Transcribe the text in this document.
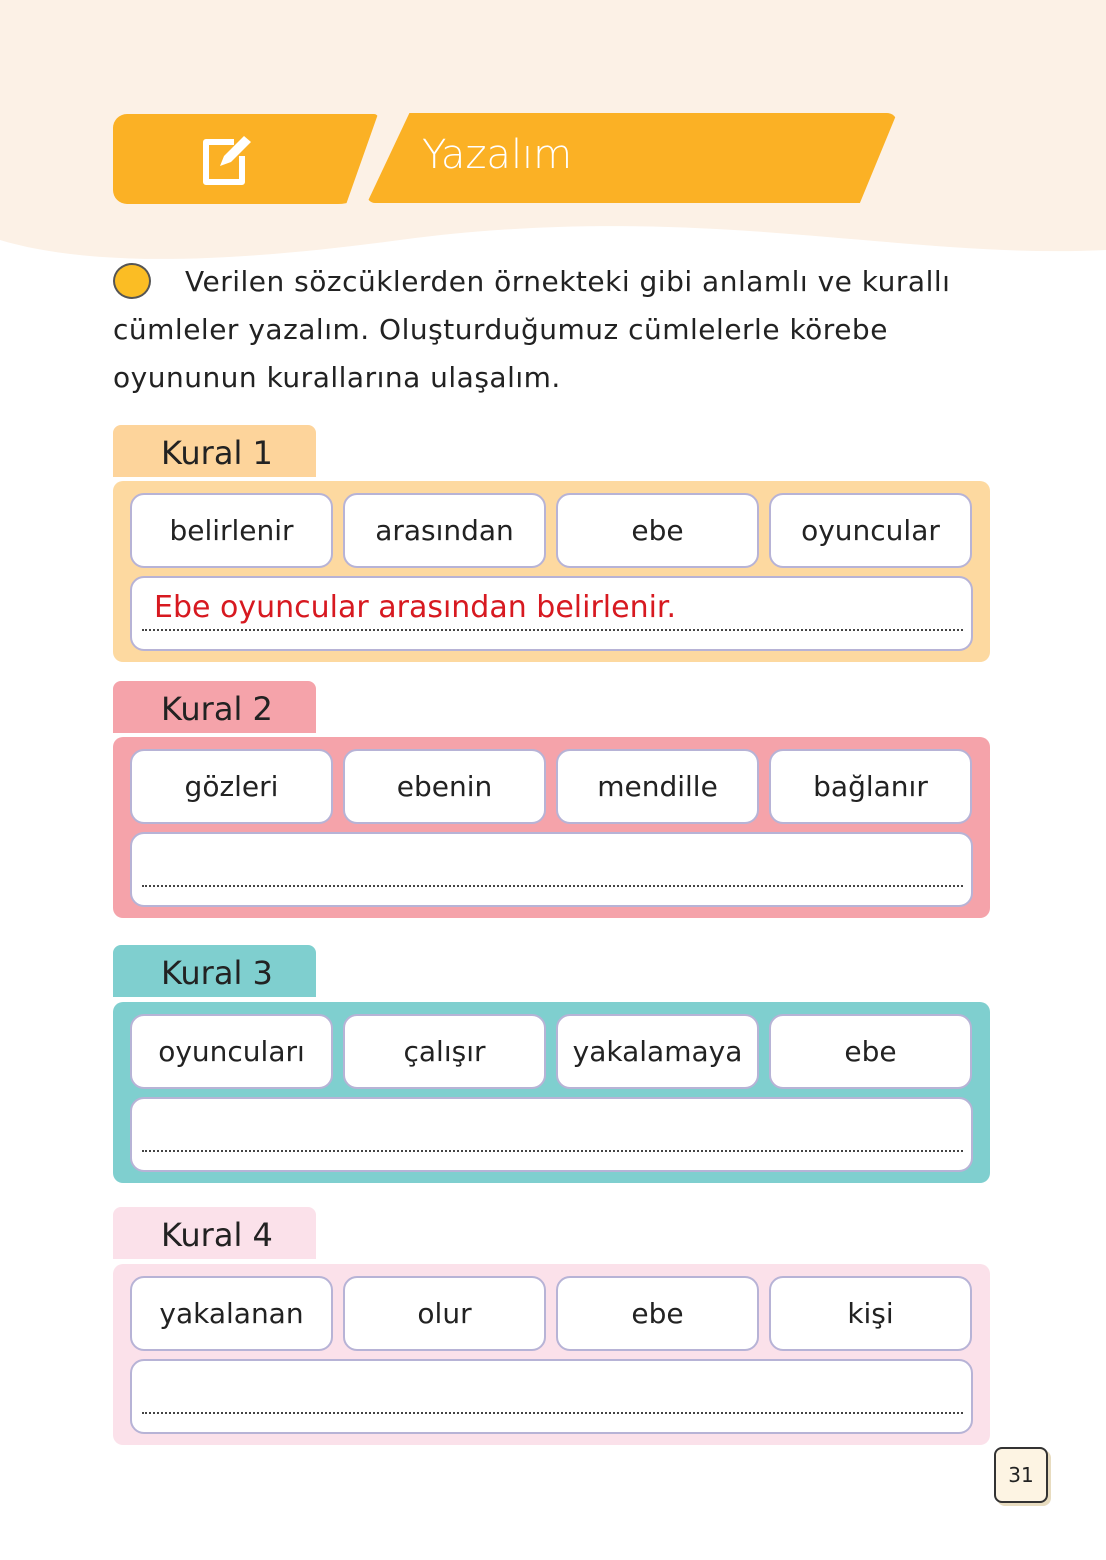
Yazalım
Verilen sözcüklerden örnekteki gibi anlamlı ve kurallı cümleler yazalım. Oluşturduğumuz cümlelerle körebe oyununun kurallarına ulaşalım.
Kural 1
belirlenir	arasından	ebe	oyuncular
Ebe oyuncular arasından belirlenir.
Kural 2
gözleri	ebenin	mendille	bağlanır
Kural 3
oyuncuları	çalışır	yakalamaya	ebe
Kural 4
yakalanan	olur	ebe	kişi
31
